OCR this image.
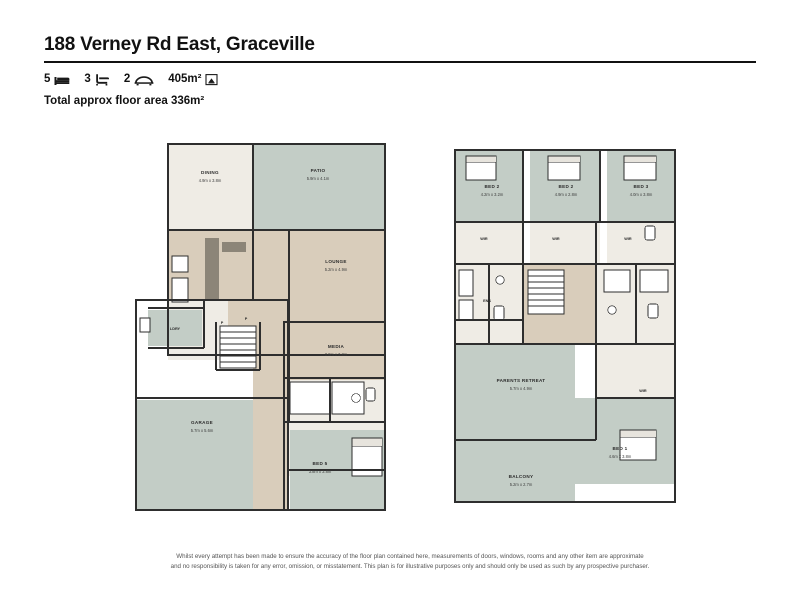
188 Verney Rd East, Graceville
5	3	2	405m²
Total approx floor area 336m²
DINING
4.9m x 3.8m
PATIO
5.9m x 4.1m
LOUNGE
5.2m x 4.9m
MEDIA
3.8m x 3.8m
GARAGE
5.7m x 5.6m
BED 5
3.8m x 3.8m
LDRY
P
P
BED 2
4.2m x 3.2m
BED 2
4.9m x 2.8m
BED 3
4.0m x 3.8m
WIR	WIR	WIR
WIR
ENS
PARENTS RETREAT
5.7m x 4.9m
BED 1
4.6m x 3.8m
BALCONY
5.2m x 2.7m
Whilst every attempt has been made to ensure the accuracy of the floor plan contained here, measurements of doors, windows, rooms and any other item are approximate
and no responsibility is taken for any error, omission, or misstatement. This plan is for illustrative purposes only and should only be used as such by any prospective purchaser.
